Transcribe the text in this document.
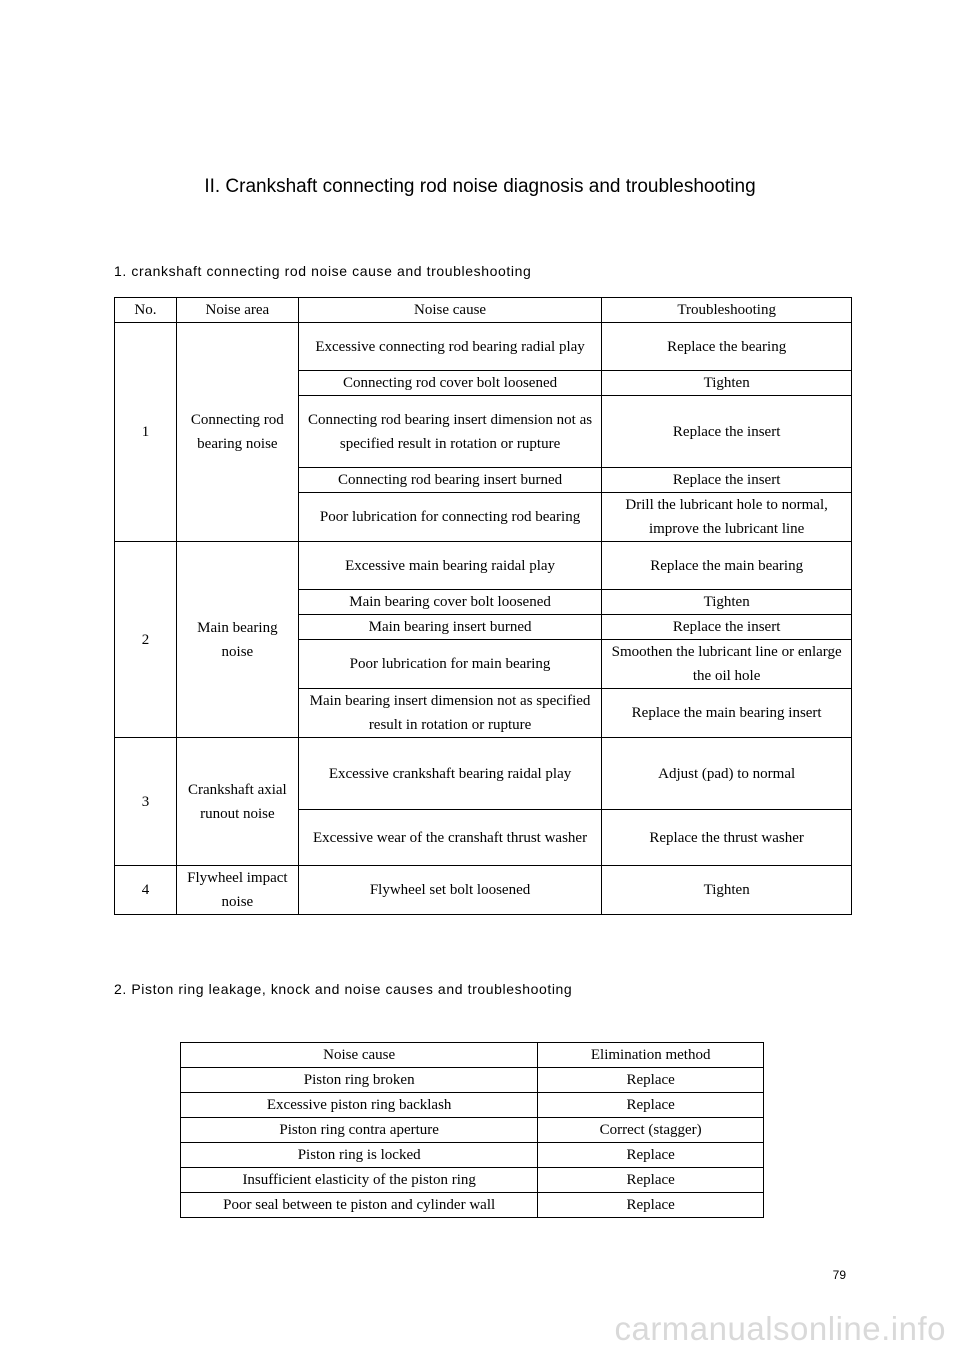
II. Crankshaft connecting rod noise diagnosis and troubleshooting
1. crankshaft connecting rod noise cause and troubleshooting
No.	Noise area	Noise cause	Troubleshooting
1	Connecting rod bearing noise	Excessive connecting rod bearing radial play	Replace the bearing
		Connecting rod cover bolt loosened	Tighten
		Connecting rod bearing insert dimension not as specified result in rotation or rupture	Replace the insert
		Connecting rod bearing insert burned	Replace the insert
		Poor lubrication for connecting rod bearing	Drill the lubricant hole to normal, improve the lubricant line
2	Main bearing noise	Excessive main bearing raidal play	Replace the main bearing
		Main bearing cover bolt loosened	Tighten
		Main bearing insert burned	Replace the insert
		Poor lubrication for main bearing	Smoothen the lubricant line or enlarge the oil hole
		Main bearing insert dimension not as specified result in rotation or rupture	Replace the main bearing insert
3	Crankshaft axial runout noise	Excessive crankshaft bearing raidal play	Adjust (pad) to normal
		Excessive wear of the cranshaft thrust washer	Replace the thrust washer
4	Flywheel impact noise	Flywheel set bolt loosened	Tighten
2. Piston ring leakage, knock and noise causes and troubleshooting
Noise cause	Elimination method
Piston ring broken	Replace
Excessive piston ring backlash	Replace
Piston ring contra aperture	Correct (stagger)
Piston ring is locked	Replace
Insufficient elasticity of the piston ring	Replace
Poor seal between te piston and cylinder wall	Replace
79
carmanualsonline.info
